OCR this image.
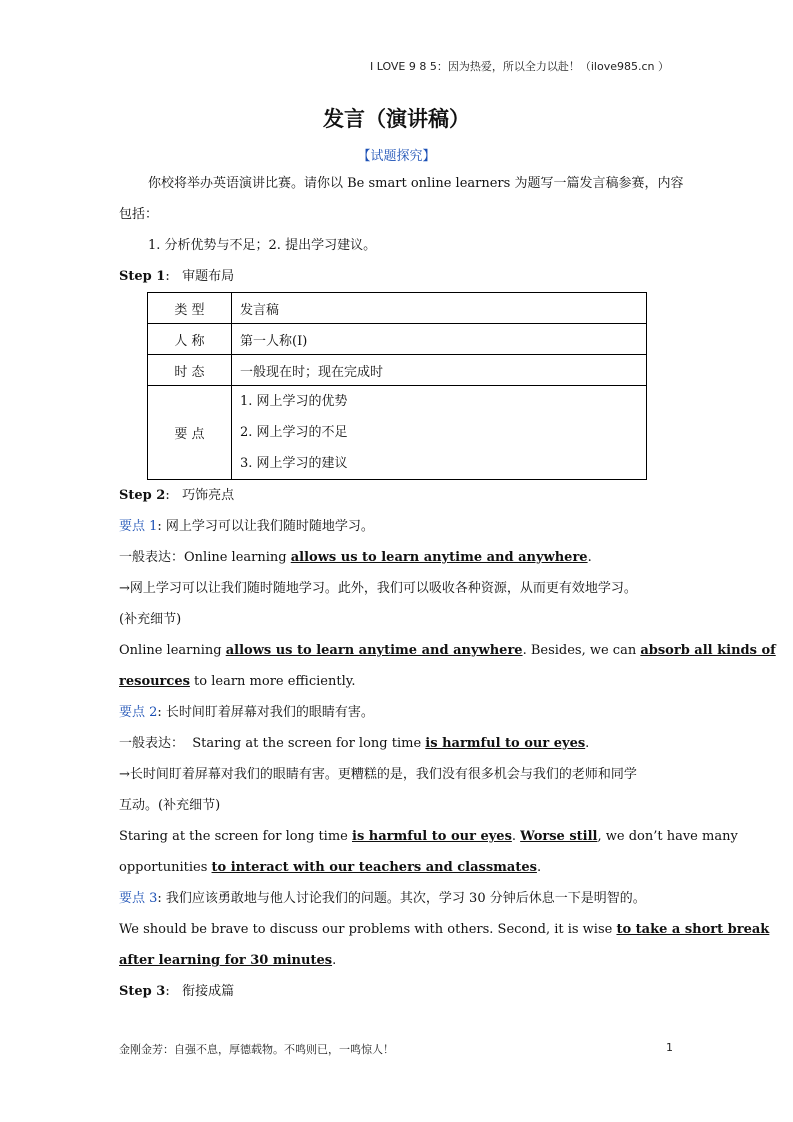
I LOVE 9 8 5：因为热爱，所以全力以赴！（ilove985.cn ）
发言（演讲稿）
【试题探究】
你校将举办英语演讲比赛。请你以 Be smart online learners 为题写一篇发言稿参赛，内容
包括：
1. 分析优势与不足；2. 提出学习建议。
Step 1:   审题布局
类 型	发言稿
人 称	第一人称(I)
时 态	一般现在时；现在完成时
要 点	1. 网上学习的优势
2. 网上学习的不足
3. 网上学习的建议
Step 2:   巧饰亮点
要点 1: 网上学习可以让我们随时随地学习。
一般表达：Online learning allows us to learn anytime and anywhere.
→网上学习可以让我们随时随地学习。此外，我们可以吸收各种资源，从而更有效地学习。
(补充细节)
Online learning allows us to learn anytime and anywhere. Besides, we can absorb all kinds of
resources to learn more efficiently.
要点 2: 长时间盯着屏幕对我们的眼睛有害。
一般表达： Staring at the screen for long time is harmful to our eyes.
→长时间盯着屏幕对我们的眼睛有害。更糟糕的是，我们没有很多机会与我们的老师和同学
互动。(补充细节)
Staring at the screen for long time is harmful to our eyes. Worse still, we don’t have many
opportunities to interact with our teachers and classmates.
要点 3: 我们应该勇敢地与他人讨论我们的问题。其次，学习 30 分钟后休息一下是明智的。
We should be brave to discuss our problems with others. Second, it is wise to take a short break
after learning for 30 minutes.
Step 3:   衔接成篇
金刚金芳：自强不息，厚德载物。不鸣则已，一鸣惊人！	1
